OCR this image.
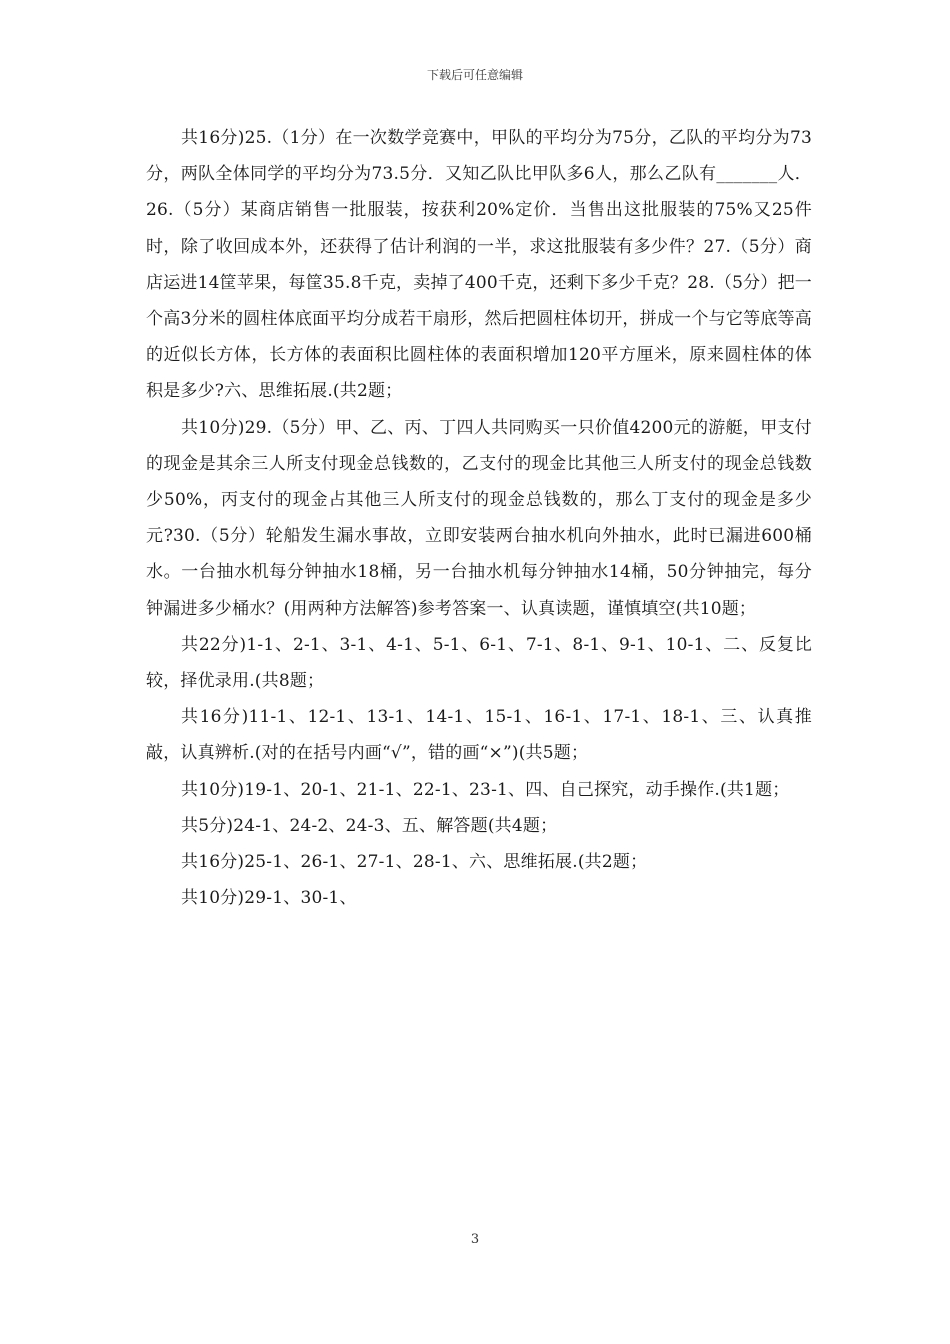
下载后可任意编辑

共16分)25.（1分）在一次数学竞赛中，甲队的平均分为75分，乙队的平均分为73分，两队全体同学的平均分为73.5分．又知乙队比甲队多6人，那么乙队有_______人．26.（5分）某商店销售一批服装，按获利20%定价．当售出这批服装的75%又25件时，除了收回成本外，还获得了估计利润的一半，求这批服装有多少件？27.（5分）商店运进14筐苹果，每筐35.8千克，卖掉了400千克，还剩下多少千克？28.（5分）把一个高3分米的圆柱体底面平均分成若干扇形，然后把圆柱体切开，拼成一个与它等底等高的近似长方体，长方体的表面积比圆柱体的表面积增加120平方厘米，原来圆柱体的体积是多少?六、思维拓展.(共2题；

共10分)29.（5分）甲、乙、丙、丁四人共同购买一只价值4200元的游艇，甲支付的现金是其余三人所支付现金总钱数的，乙支付的现金比其他三人所支付的现金总钱数少50%，丙支付的现金占其他三人所支付的现金总钱数的，那么丁支付的现金是多少元?30.（5分）轮船发生漏水事故，立即安装两台抽水机向外抽水，此时已漏进600桶水。一台抽水机每分钟抽水18桶，另一台抽水机每分钟抽水14桶，50分钟抽完，每分钟漏进多少桶水？(用两种方法解答)参考答案一、认真读题，谨慎填空(共10题；

共22分)1-1、2-1、3-1、4-1、5-1、6-1、7-1、8-1、9-1、10-1、二、反复比较，择优录用.(共8题；

共16分)11-1、12-1、13-1、14-1、15-1、16-1、17-1、18-1、三、认真推敲，认真辨析.(对的在括号内画“√”，错的画“×”)(共5题；

共10分)19-1、20-1、21-1、22-1、23-1、四、自己探究，动手操作.(共1题；

共5分)24-1、24-2、24-3、五、解答题(共4题；

共16分)25-1、26-1、27-1、28-1、六、思维拓展.(共2题；

共10分)29-1、30-1、

3
